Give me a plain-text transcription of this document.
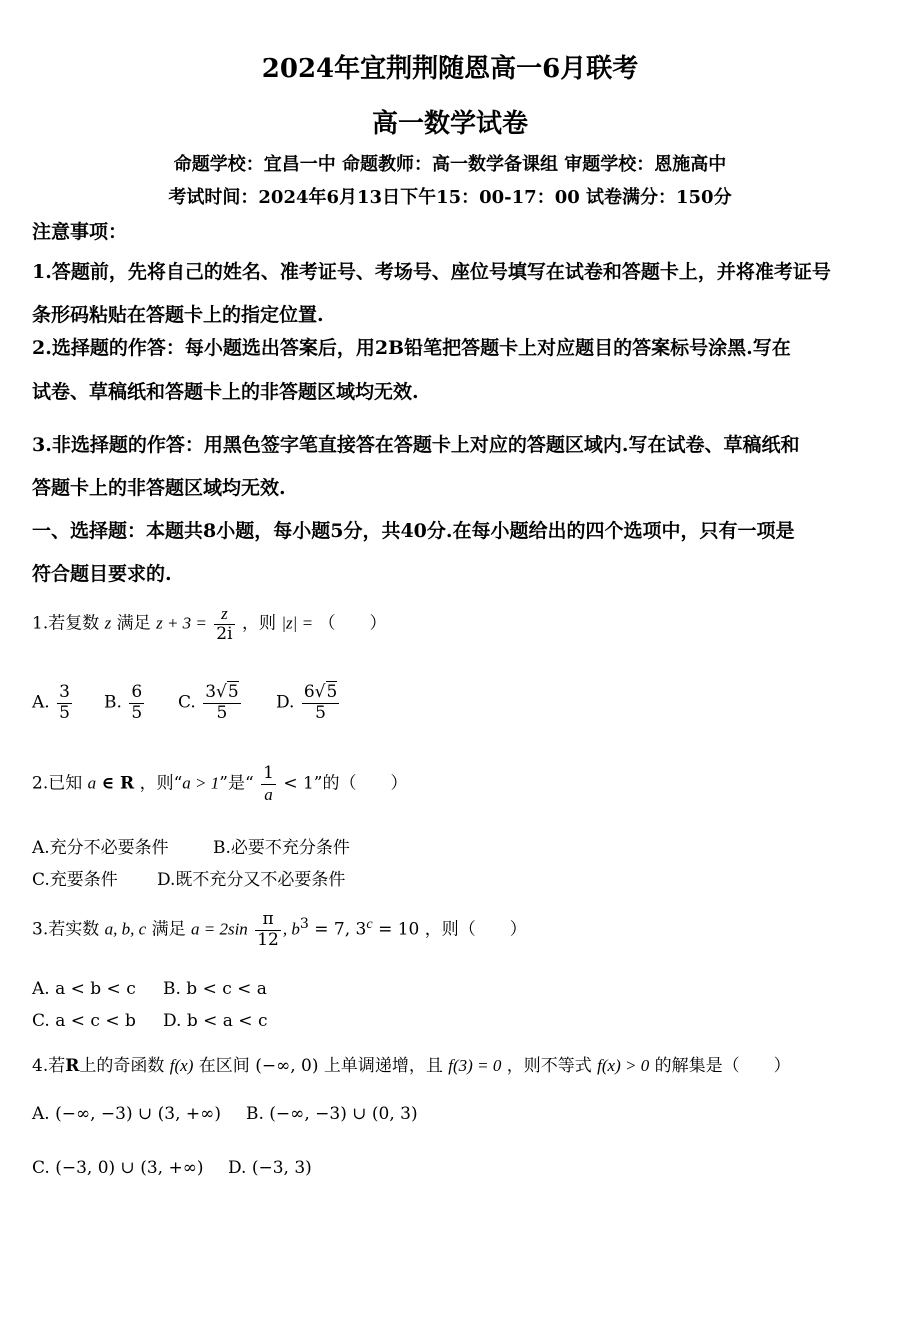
2024年宜荆荆随恩高一6月联考
高一数学试卷
命题学校：宜昌一中 命题教师：高一数学备课组 审题学校：恩施高中
考试时间：2024年6月13日下午15：00-17：00 试卷满分：150分
注意事项：
1.答题前，先将自己的姓名、准考证号、考场号、座位号填写在试卷和答题卡上，并将准考证号
条形码粘贴在答题卡上的指定位置.
2.选择题的作答：每小题选出答案后，用2B铅笔把答题卡上对应题目的答案标号涂黑.写在
试卷、草稿纸和答题卡上的非答题区域均无效.
3.非选择题的作答：用黑色签字笔直接答在答题卡上对应的答题区域内.写在试卷、草稿纸和
答题卡上的非答题区域均无效.
一、选择题：本题共8小题，每小题5分，共40分.在每小题给出的四个选项中，只有一项是
符合题目要求的.
1.若复数 z 满足 $z + 3 = \frac{z}{2i}$ ，则 |z| = （　　）
A. $\frac{3}{5} B$. $\frac{6}{5} C$. $\frac{3√5}{5} D$. $\frac{6√5}{5}$
2.已知 a ∈ R ，则“a > 1”是“ $\frac{1}{a} < 1$”的（　　）
A.充分不必要条件	B.必要不充分条件
C.充要条件 D.既不充分又不必要条件
3.若实数 a, b, c 满足 $a = 2\sin \frac{\pi}{12}$ , $b^3 = 7$, $3^c = 10$ ，则（　　）
A. a < b < c B. b < c < a
C. a < c < b D. b < a < c
4.若R上的奇函数 f(x) 在区间 (−∞, 0) 上单调递增，且 f(3) = 0 ，则不等式 f(x) > 0 的解集是（　　）
A. (−∞, −3) ∪ (3, +∞) B. (−∞, −3) ∪ (0, 3)
C. (−3, 0) ∪ (3, +∞) D. (−3, 3)
